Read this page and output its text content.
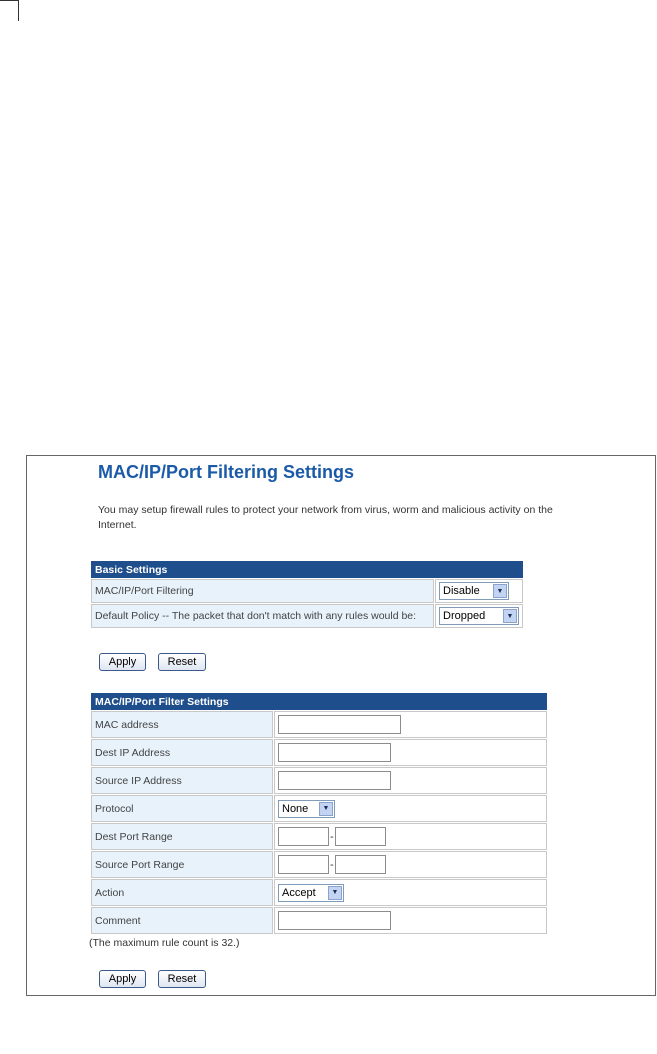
MAC/IP/Port Filtering Settings
You may setup firewall rules to protect your network from virus, worm and malicious activity on the Internet.
Basic Settings	
MAC/IP/Port Filtering	Disable ▼

Default Policy -- The packet that don't match with any rules would be:	Dropped ▼
Apply	Reset
MAC/IP/Port Filter Settings	
MAC address	
Dest IP Address	
Source IP Address	
Protocol	None ▼

Dest Port Range	-
Source Port Range	-
Action	Accept ▼

Comment	
(The maximum rule count is 32.)
Apply	Reset
